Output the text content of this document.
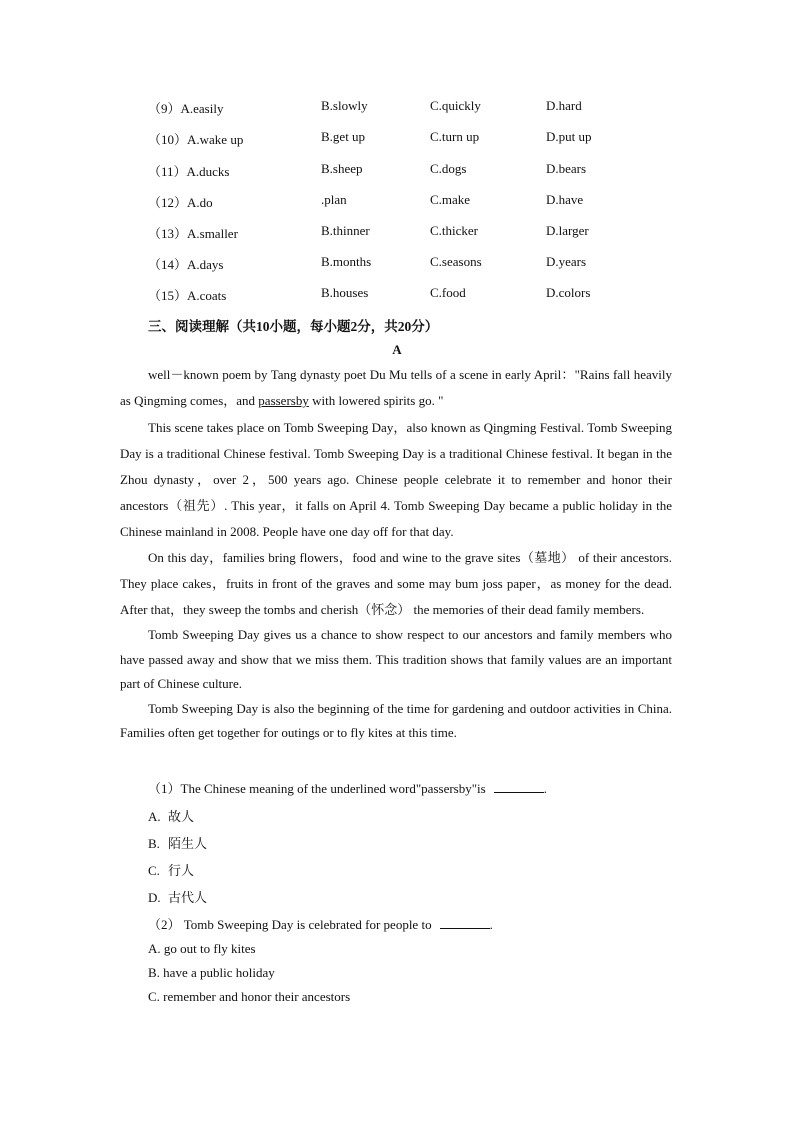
（9）A.easily	B.slowly	C.quickly	D.hard
（10）A.wake up	B.get up	C.turn up	D.put up
（11）A.ducks	B.sheep	C.dogs	D.bears
（12）A.do	.plan	C.make	D.have
（13）A.smaller	B.thinner	C.thicker	D.larger
（14）A.days	B.months	C.seasons	D.years
（15）A.coats	B.houses	C.food	D.colors
三、阅读理解（共10小题，每小题2分，共20分）
A

well－known poem by Tang dynasty poet Du Mu tells of a scene in early April："Rains fall heavily as Qingming comes，and passersby with lowered spirits go. "

This scene takes place on Tomb Sweeping Day，also known as Qingming Festival. Tomb Sweeping Day is a traditional Chinese festival. Tomb Sweeping Day is a traditional Chinese festival. It began in the Zhou dynasty，over 2，500 years ago. Chinese people celebrate it to remember and honor their ancestors（祖先）. This year，it falls on April 4. Tomb Sweeping Day became a public holiday in the Chinese mainland in 2008. People have one day off for that day.

On this day，families bring flowers，food and wine to the grave sites（墓地） of their ancestors. They place cakes，fruits in front of the graves and some may bum joss paper，as money for the dead. After that，they sweep the tombs and cherish（怀念） the memories of their dead family members.

Tomb Sweeping Day gives us a chance to show respect to our ancestors and family members who have passed away and show that we miss them. This tradition shows that family values are an important part of Chinese culture.

Tomb Sweeping Day is also the beginning of the time for gardening and outdoor activities in China. Families often get together for outings or to fly kites at this time.

（1）The Chinese meaning of the underlined word"passersby"is	.
A. 故人
B. 陌生人
C. 行人
D. 古代人
（2） Tomb Sweeping Day is celebrated for people to	.
A. go out to fly kites
B. have a public holiday
C. remember and honor their ancestors
